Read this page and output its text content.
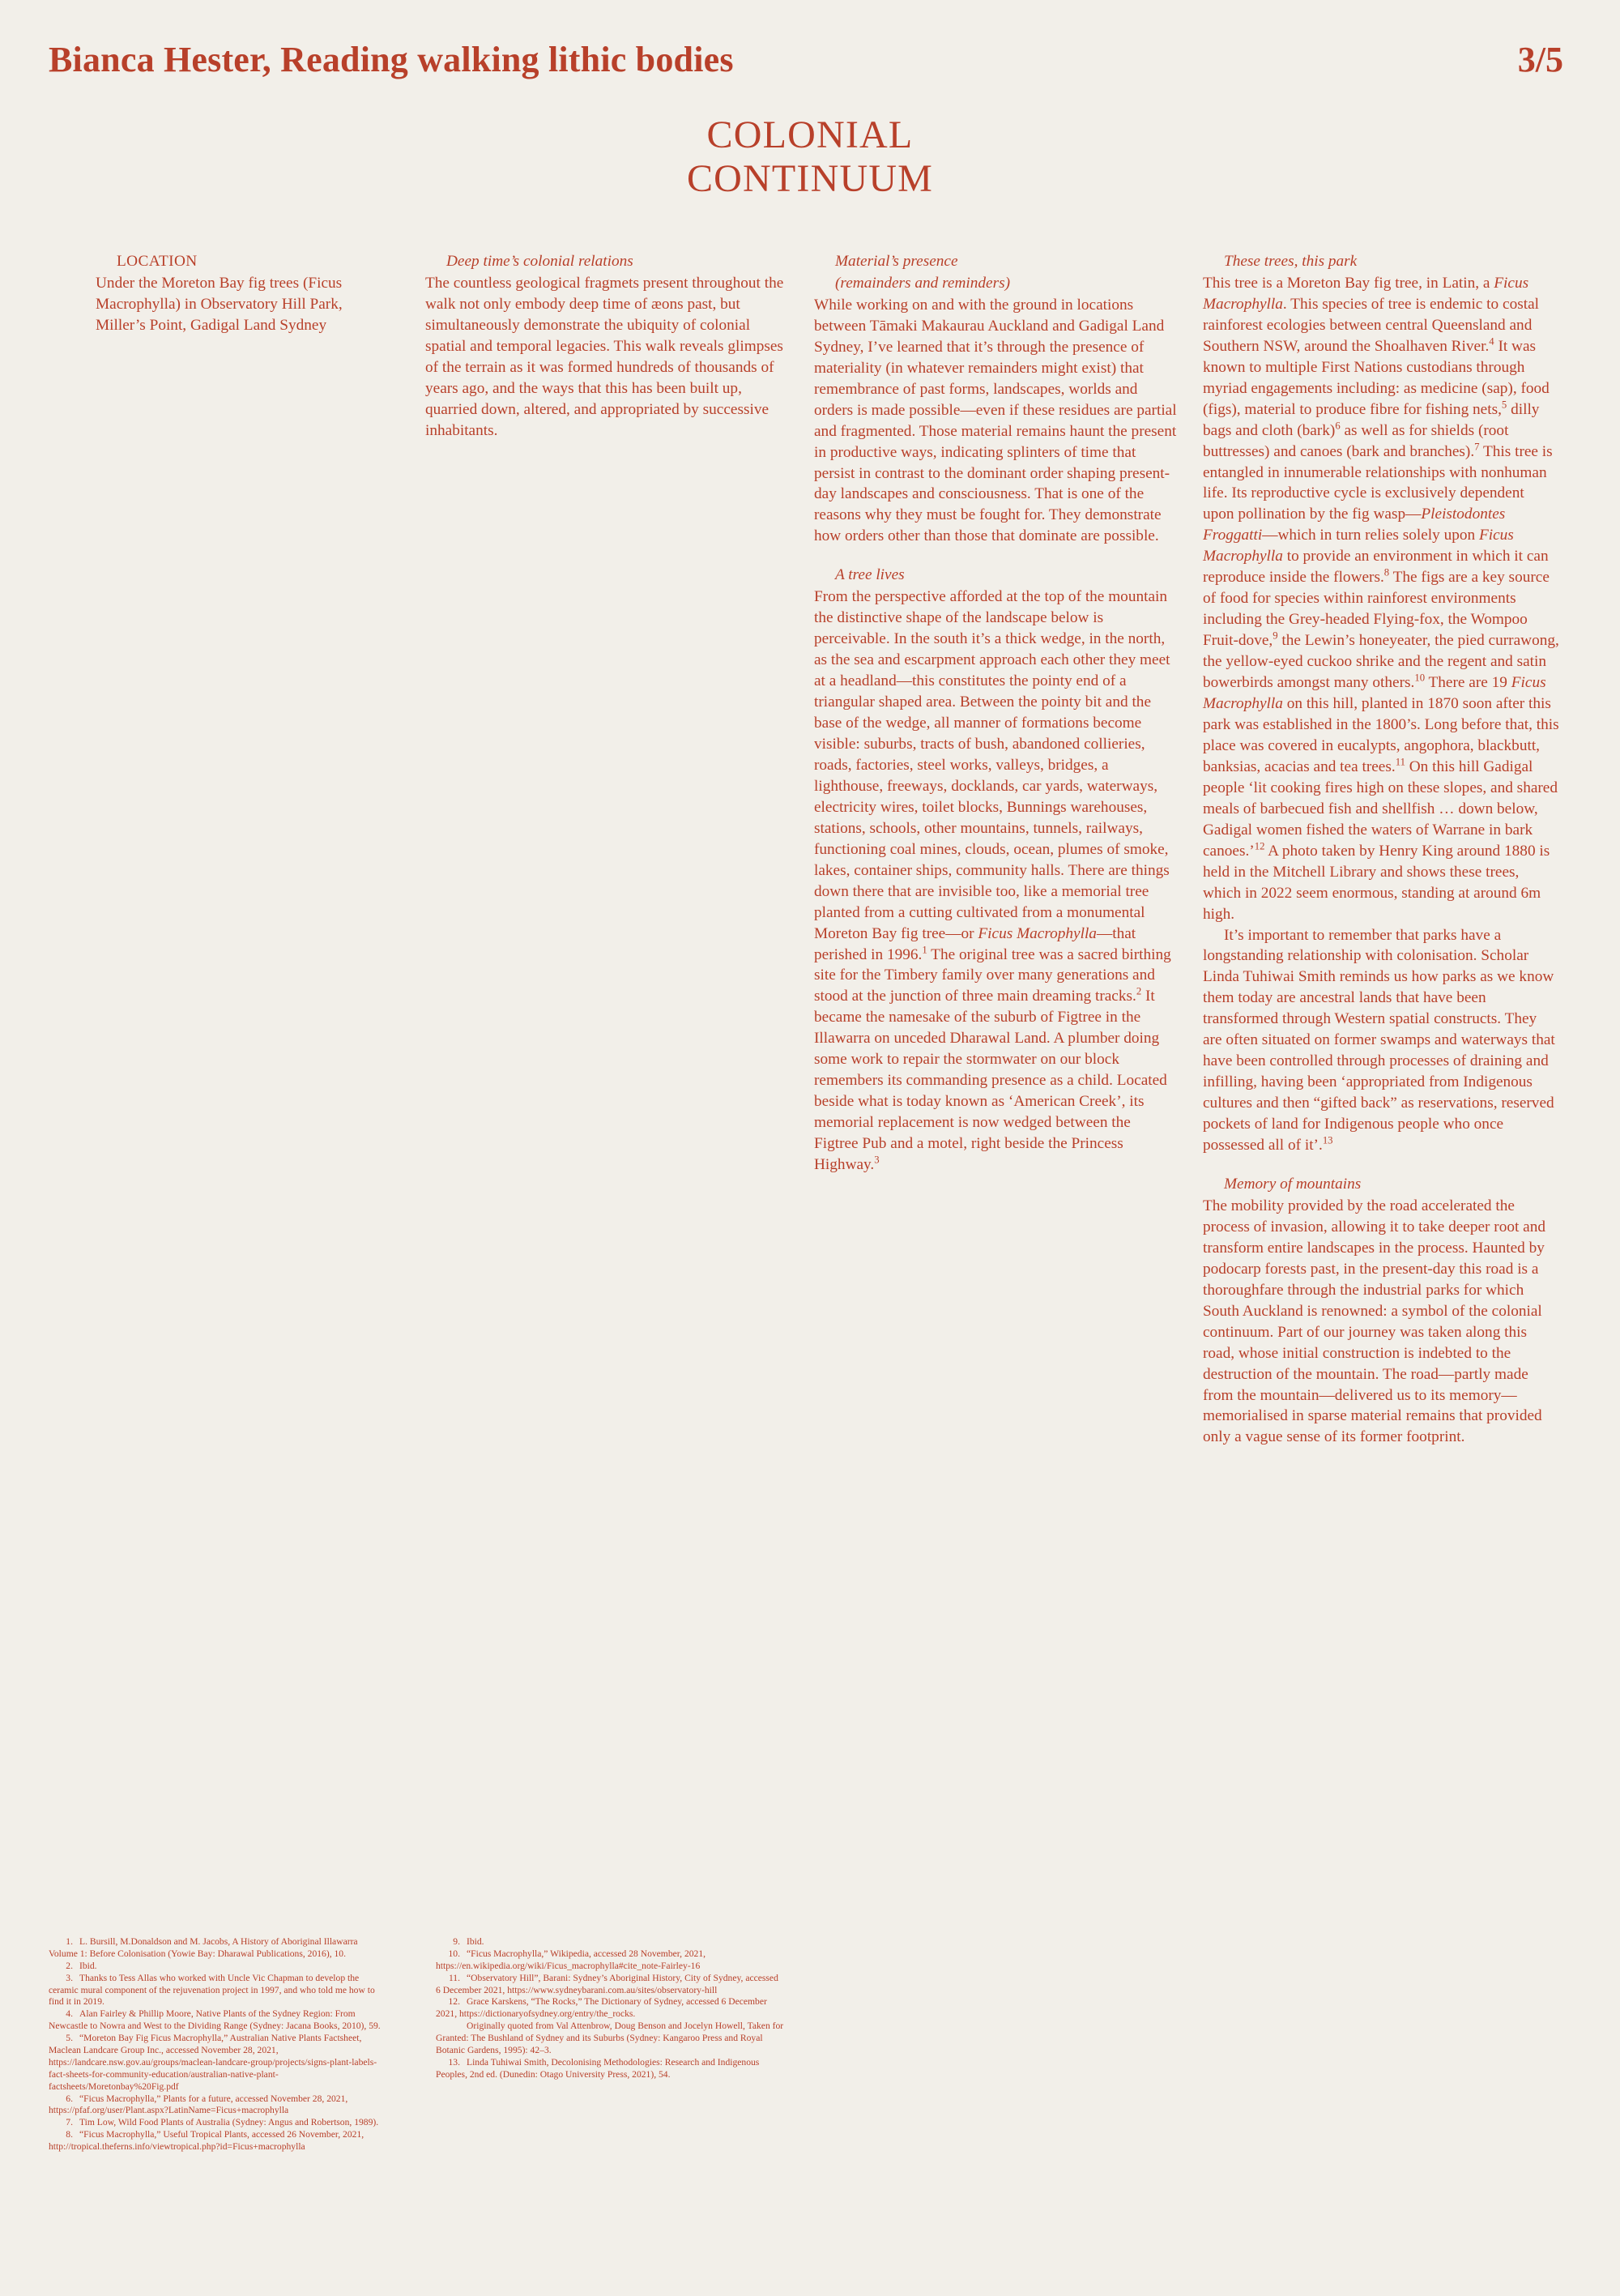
Bianca Hester, Reading walking lithic bodies	3/5
COLONIAL
CONTINUUM

LOCATION

Under the Moreton Bay fig trees (Ficus Macrophylla) in Observatory Hill Park, Miller’s Point, Gadigal Land Sydney

Deep time’s colonial relations

The countless geological fragmets present throughout the walk not only embody deep time of æons past, but simultaneously demonstrate the ubiquity of colonial spatial and temporal legacies. This walk reveals glimpses of the terrain as it was formed hundreds of thousands of years ago, and the ways that this has been built up, quarried down, altered, and appropriated by successive inhabitants.

Material’s presence

(remainders and reminders)

While working on and with the ground in locations between Tāmaki Makaurau Auckland and Gadigal Land Sydney, I’ve learned that it’s through the presence of materiality (in whatever remainders might exist) that remembrance of past forms, landscapes, worlds and orders is made possible—even if these residues are partial and fragmented. Those material remains haunt the present in productive ways, indicating splinters of time that persist in contrast to the dominant order shaping present-day landscapes and consciousness. That is one of the reasons why they must be fought for. They demonstrate how orders other than those that dominate are possible.

A tree lives

From the perspective afforded at the top of the mountain the distinctive shape of the landscape below is perceivable. In the south it’s a thick wedge, in the north, as the sea and escarpment approach each other they meet at a headland—this constitutes the pointy end of a triangular shaped area. Between the pointy bit and the base of the wedge, all manner of formations become visible: suburbs, tracts of bush, abandoned collieries, roads, factories, steel works, valleys, bridges, a lighthouse, freeways, docklands, car yards, waterways, electricity wires, toilet blocks, Bunnings warehouses, stations, schools, other mountains, tunnels, railways, functioning coal mines, clouds, ocean, plumes of smoke, lakes, container ships, community halls. There are things down there that are invisible too, like a memorial tree planted from a cutting cultivated from a monumental Moreton Bay fig tree—or Ficus Macrophylla—that perished in 1996.$^1$ The original tree was a sacred birthing site for the Timbery family over many generations and stood at the junction of three main dreaming tracks.$^2$ It became the namesake of the suburb of Figtree in the Illawarra on unceded Dharawal Land. A plumber doing some work to repair the stormwater on our block remembers its commanding presence as a child. Located beside what is today known as ‘American Creek’, its memorial replacement is now wedged between the Figtree Pub and a motel, right beside the Princess Highway.$^3$

These trees, this park

This tree is a Moreton Bay fig tree, in Latin, a Ficus Macrophylla. This species of tree is endemic to costal rainforest ecologies between central Queensland and Southern NSW, around the Shoalhaven River.$^4$ It was known to multiple First Nations custodians through myriad engagements including: as medicine (sap), food (figs), material to produce fibre for fishing nets,$^5$ dilly bags and cloth (bark)$^6$ as well as for shields (root buttresses) and canoes (bark and branches).$^7$ This tree is entangled in innumerable relationships with nonhuman life. Its reproductive cycle is exclusively dependent upon pollination by the fig wasp—Pleistodontes Froggatti—which in turn relies solely upon Ficus Macrophylla to provide an environment in which it can reproduce inside the flowers.$^8$ The figs are a key source of food for species within rainforest environments including the Grey-headed Flying-fox, the Wompoo Fruit-dove,$^9$ the Lewin’s honeyeater, the pied currawong, the yellow-eyed cuckoo shrike and the regent and satin bowerbirds amongst many others.$^{10}$ There are 19 Ficus Macrophylla on this hill, planted in 1870 soon after this park was established in the 1800’s. Long before that, this place was covered in eucalypts, angophora, blackbutt, banksias, acacias and tea trees.$^{11}$ On this hill Gadigal people ‘lit cooking fires high on these slopes, and shared meals of barbecued fish and shellfish … down below, Gadigal women fished the waters of Warrane in bark canoes.’$^{12}$ A photo taken by Henry King around 1880 is held in the Mitchell Library and shows these trees, which in 2022 seem enormous, standing at around 6m high.

It’s important to remember that parks have a longstanding relationship with colonisation. Scholar Linda Tuhiwai Smith reminds us how parks as we know them today are ancestral lands that have been transformed through Western spatial constructs. They are often situated on former swamps and waterways that have been controlled through processes of draining and infilling, having been ‘appropriated from Indigenous cultures and then “gifted back” as reservations, reserved pockets of land for Indigenous people who once possessed all of it’.$^{13}$

Memory of mountains

The mobility provided by the road accelerated the process of invasion, allowing it to take deeper root and transform entire landscapes in the process. Haunted by podocarp forests past, in the present-day this road is a thoroughfare through the industrial parks for which South Auckland is renowned: a symbol of the colonial continuum. Part of our journey was taken along this road, whose initial construction is indebted to the destruction of the mountain. The road—partly made from the mountain—delivered us to its memory—memorialised in sparse material remains that provided only a vague sense of its former footprint.

1. L. Bursill, M.Donaldson and M. Jacobs, A History of Aboriginal Illawarra Volume 1: Before Colonisation (Yowie Bay: Dharawal Publications, 2016), 10.

2. Ibid.

3. Thanks to Tess Allas who worked with Uncle Vic Chapman to develop the ceramic mural component of the rejuvenation project in 1997, and who told me how to find it in 2019.

4. Alan Fairley & Phillip Moore, Native Plants of the Sydney Region: From Newcastle to Nowra and West to the Dividing Range (Sydney: Jacana Books, 2010), 59.

5. “Moreton Bay Fig Ficus Macrophylla,” Australian Native Plants Factsheet, Maclean Landcare Group Inc., accessed November 28, 2021, https://landcare.nsw.gov.au/groups/maclean-landcare-group/projects/signs-plant-labels-fact-sheets-for-community-education/australian-native-plant-factsheets/Moretonbay%20Fig.pdf

6. “Ficus Macrophylla,” Plants for a future, accessed November 28, 2021, https://pfaf.org/user/Plant.aspx?LatinName=Ficus+macrophylla

7. Tim Low, Wild Food Plants of Australia (Sydney: Angus and Robertson, 1989).

8. “Ficus Macrophylla,” Useful Tropical Plants, accessed 26 November, 2021, http://tropical.theferns.info/viewtropical.php?id=Ficus+macrophylla

9. Ibid.

10. “Ficus Macrophylla,” Wikipedia, accessed 28 November, 2021, https://en.wikipedia.org/wiki/Ficus_macrophylla#cite_note-Fairley-16

11. “Observatory Hill”, Barani: Sydney’s Aboriginal History, City of Sydney, accessed 6 December 2021, https://www.sydneybarani.com.au/sites/observatory-hill

12. Grace Karskens, “The Rocks,” The Dictionary of Sydney, accessed 6 December 2021, https://dictionaryofsydney.org/entry/the_rocks.

Originally quoted from Val Attenbrow, Doug Benson and Jocelyn Howell, Taken for Granted: The Bushland of Sydney and its Suburbs (Sydney: Kangaroo Press and Royal Botanic Gardens, 1995): 42–3.

13. Linda Tuhiwai Smith, Decolonising Methodologies: Research and Indigenous Peoples, 2nd ed. (Dunedin: Otago University Press, 2021), 54.
